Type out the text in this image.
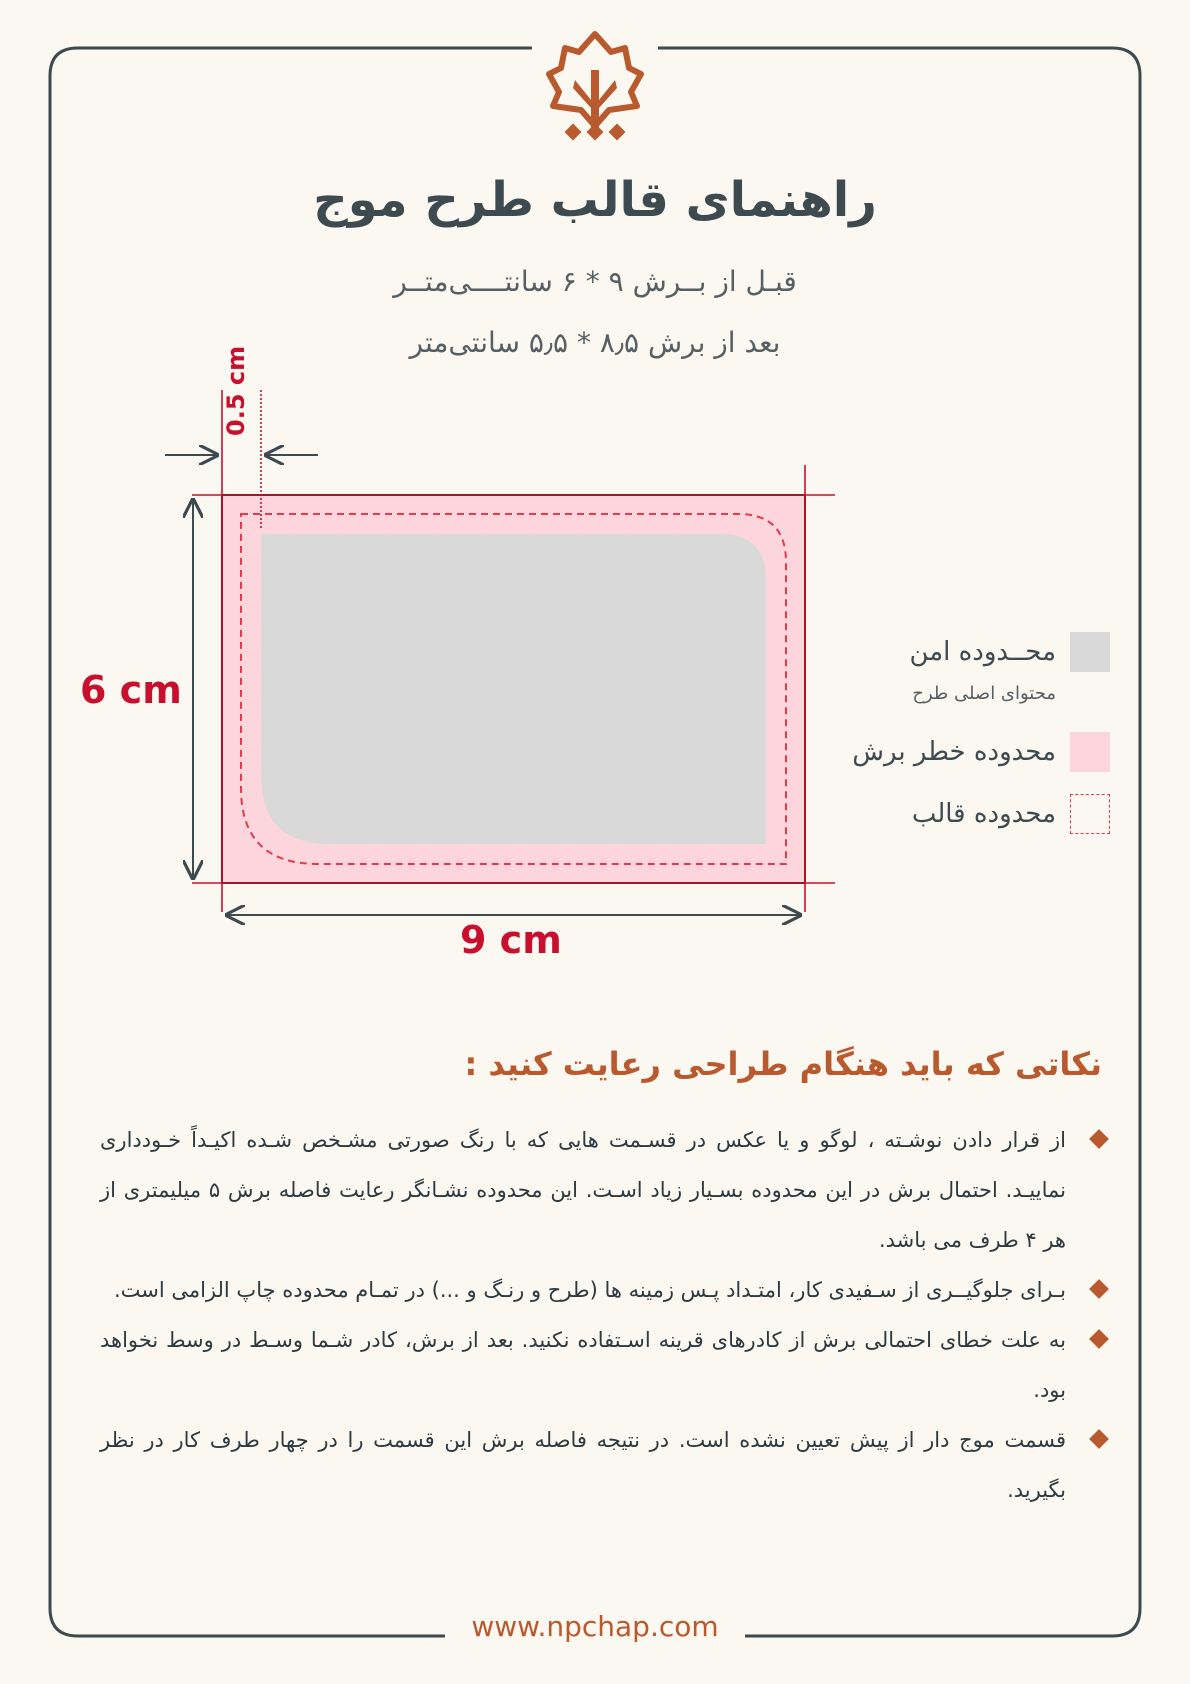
راهنمای قالب طرح موج
قبـل از بــرش ۹ * ۶ سانتــــی‌متــر
بعد از برش ۸٫۵ * ۵٫۵ سانتی‌متر
6 cm
9 cm
0.5 cm
محــدوده امن
محتوای اصلی طرح
محدوده خطر برش
محدوده قالب
نکاتی که باید هنگام طراحی رعایت کنید :
از قرار دادن نوشـته ، لوگو و یا عکس در قسـمت هایی که با رنگ صورتی مشـخص شـده اکیـداً خـودداری نماییـد. احتمال برش در این محدوده بسـیار زیاد اسـت. این محدوده نشـانگر رعایت فاصله برش ۵ میلیمتری از هر ۴ طرف می باشد.
بـرای جلوگیــری از سـفیدی کار، امتـداد پـس زمینه ها (طرح و رنـگ و ...) در تمـام محدوده چاپ الزامی است.
به علت خطای احتمالی برش از کادرهای قرینه اسـتفاده نکنید. بعد از برش، کادر شـما وسـط در وسط نخواهد بود.
قسمت موج دار از پیش تعیین نشده است. در نتیجه فاصله برش این قسمت را در چهار طرف کار در نظر بگیرید.
www.npchap.com
